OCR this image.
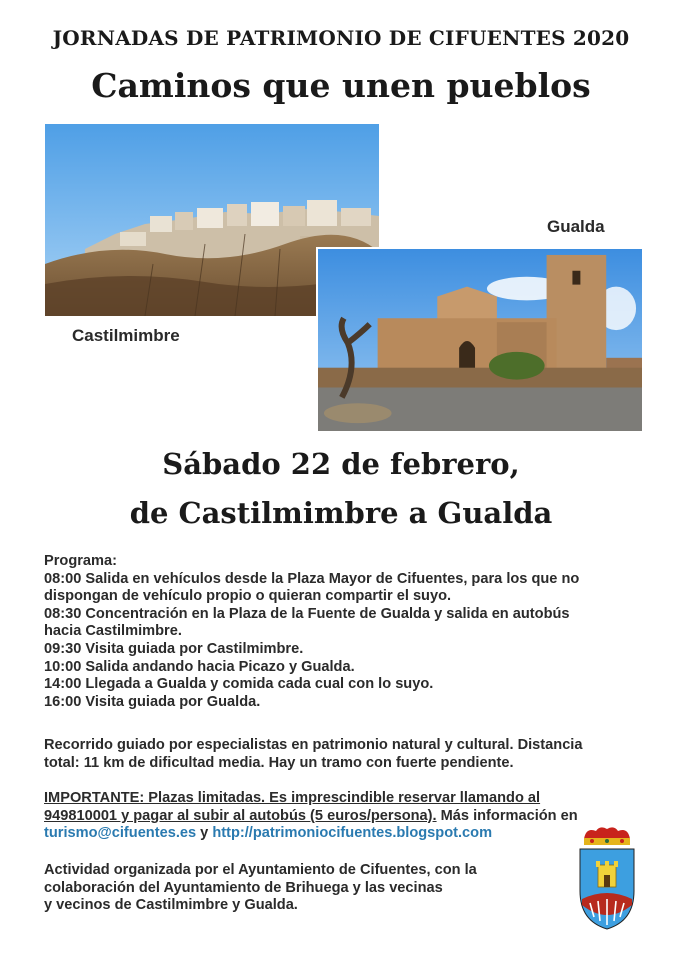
JORNADAS DE PATRIMONIO DE CIFUENTES 2020
Caminos que unen pueblos
Gualda
Castilmimbre
Sábado 22 de febrero,
de Castilmimbre a Gualda
Programa:
08:00 Salida en vehículos desde la Plaza Mayor de Cifuentes, para los que no
dispongan de vehículo propio o quieran compartir el suyo.
08:30 Concentración en la Plaza de la Fuente de Gualda y salida en autobús
hacia Castilmimbre.
09:30 Visita guiada por Castilmimbre.
10:00 Salida andando hacia Picazo y Gualda.
14:00 Llegada a Gualda y comida cada cual con lo suyo.
16:00 Visita guiada por Gualda.
Recorrido guiado por especialistas en patrimonio natural y cultural. Distancia
total: 11 km de dificultad media. Hay un tramo con fuerte pendiente.
IMPORTANTE: Plazas limitadas. Es imprescindible reservar llamando al
949810001 y pagar al subir al autobús (5 euros/persona). Más información en
turismo@cifuentes.es y http://patrimoniocifuentes.blogspot.com
Actividad organizada por el Ayuntamiento de Cifuentes, con la
colaboración del Ayuntamiento de Brihuega y las vecinas
y vecinos de Castilmimbre y Gualda.
